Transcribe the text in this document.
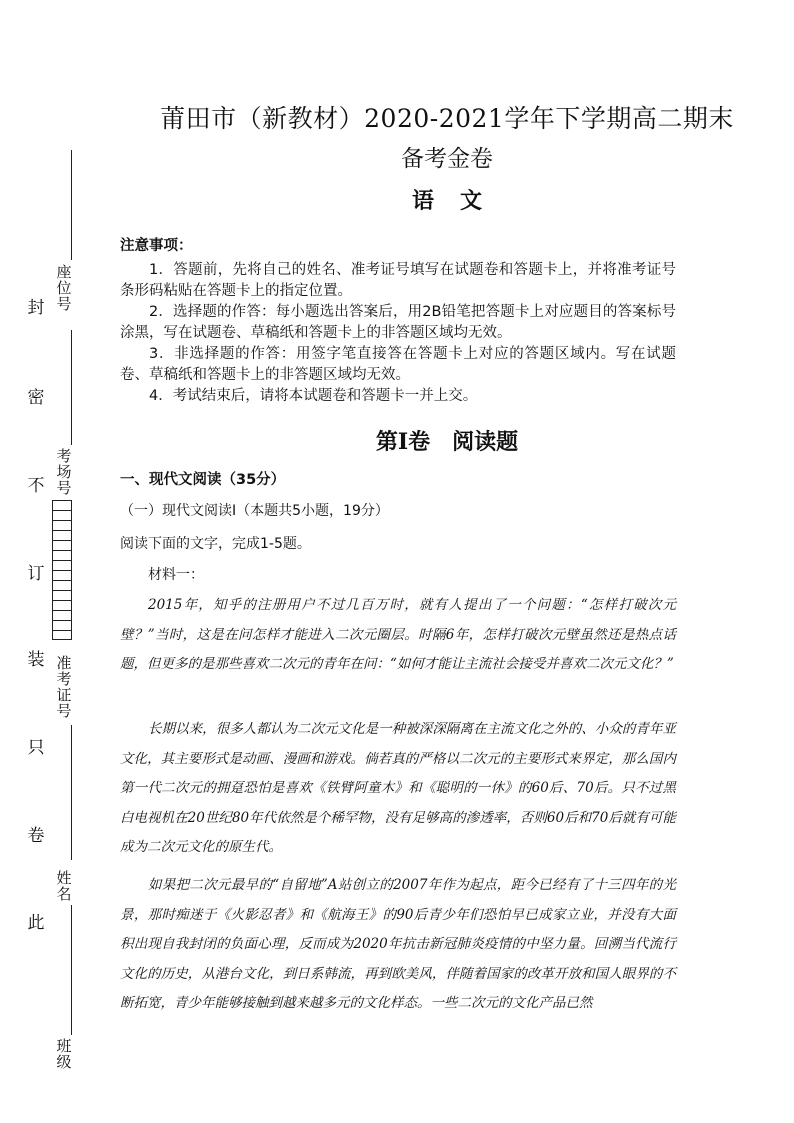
封
密
不
订
装
只
卷
此
座位号
考场号
准考证号
姓名
班级
莆田市（新教材）2020-2021学年下学期高二期末
备考金卷
语文
注意事项：

1．答题前，先将自己的姓名、准考证号填写在试题卷和答题卡上，并将准考证号条形码粘贴在答题卡上的指定位置。

2．选择题的作答：每小题选出答案后，用2B铅笔把答题卡上对应题目的答案标号涂黑，写在试题卷、草稿纸和答题卡上的非答题区域均无效。

3．非选择题的作答：用签字笔直接答在答题卡上对应的答题区域内。写在试题卷、草稿纸和答题卡上的非答题区域均无效。

4．考试结束后，请将本试题卷和答题卡一并上交。

第Ⅰ卷 阅读题
一、现代文阅读（35分）
（一）现代文阅读Ⅰ（本题共5小题，19分）
阅读下面的文字，完成1-5题。
材料一：

2015年，知乎的注册用户不过几百万时，就有人提出了一个问题：“怎样打破次元壁？”当时，这是在问怎样才能进入二次元圈层。时隔6年，怎样打破次元壁虽然还是热点话题，但更多的是那些喜欢二次元的青年在问：“如何才能让主流社会接受并喜欢二次元文化？”

长期以来，很多人都认为二次元文化是一种被深深隔离在主流文化之外的、小众的青年亚文化，其主要形式是动画、漫画和游戏。倘若真的严格以二次元的主要形式来界定，那么国内第一代二次元的拥趸恐怕是喜欢《铁臂阿童木》和《聪明的一休》的60后、70后。只不过黑白电视机在20世纪80年代依然是个稀罕物，没有足够高的渗透率，否则60后和70后就有可能成为二次元文化的原生代。

如果把二次元最早的“自留地”A站创立的2007年作为起点，距今已经有了十三四年的光景，那时痴迷于《火影忍者》和《航海王》的90后青少年们恐怕早已成家立业，并没有大面积出现自我封闭的负面心理，反而成为2020年抗击新冠肺炎疫情的中坚力量。回溯当代流行文化的历史，从港台文化，到日系韩流，再到欧美风，伴随着国家的改革开放和国人眼界的不断拓宽，青少年能够接触到越来越多元的文化样态。一些二次元的文化产品已然
